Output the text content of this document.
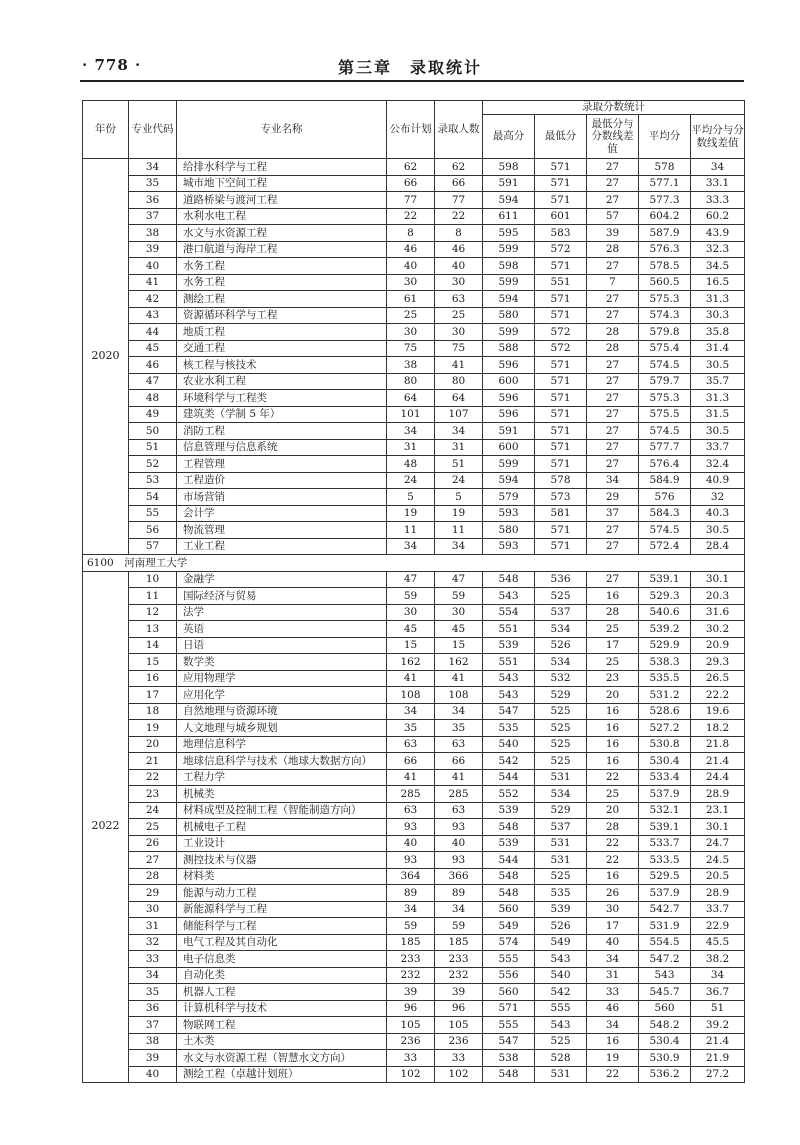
· 778 ·	第三章　录取统计
年份	专业代码	专业名称	公布计划	录取人数	录取分数统计				
					最高分	最低分	最低分与分数线差值	平均分	平均分与分数线差值
2020	34	给排水科学与工程	62	62	598	571	27	578	34
	35	城市地下空间工程	66	66	591	571	27	577.1	33.1
	36	道路桥梁与渡河工程	77	77	594	571	27	577.3	33.3
	37	水利水电工程	22	22	611	601	57	604.2	60.2
	38	水文与水资源工程	8	8	595	583	39	587.9	43.9
	39	港口航道与海岸工程	46	46	599	572	28	576.3	32.3
	40	水务工程	40	40	598	571	27	578.5	34.5
	41	水务工程	30	30	599	551	7	560.5	16.5
	42	测绘工程	61	63	594	571	27	575.3	31.3
	43	资源循环科学与工程	25	25	580	571	27	574.3	30.3
	44	地质工程	30	30	599	572	28	579.8	35.8
	45	交通工程	75	75	588	572	28	575.4	31.4
	46	核工程与核技术	38	41	596	571	27	574.5	30.5
	47	农业水利工程	80	80	600	571	27	579.7	35.7
	48	环境科学与工程类	64	64	596	571	27	575.3	31.3
	49	建筑类（学制 5 年）	101	107	596	571	27	575.5	31.5
	50	消防工程	34	34	591	571	27	574.5	30.5
	51	信息管理与信息系统	31	31	600	571	27	577.7	33.7
	52	工程管理	48	51	599	571	27	576.4	32.4
	53	工程造价	24	24	594	578	34	584.9	40.9
	54	市场营销	5	5	579	573	29	576	32
	55	会计学	19	19	593	581	37	584.3	40.3
	56	物流管理	11	11	580	571	27	574.5	30.5
	57	工业工程	34	34	593	571	27	572.4	28.4
6100　河南理工大学									
2022	10	金融学	47	47	548	536	27	539.1	30.1
	11	国际经济与贸易	59	59	543	525	16	529.3	20.3
	12	法学	30	30	554	537	28	540.6	31.6
	13	英语	45	45	551	534	25	539.2	30.2
	14	日语	15	15	539	526	17	529.9	20.9
	15	数学类	162	162	551	534	25	538.3	29.3
	16	应用物理学	41	41	543	532	23	535.5	26.5
	17	应用化学	108	108	543	529	20	531.2	22.2
	18	自然地理与资源环境	34	34	547	525	16	528.6	19.6
	19	人文地理与城乡规划	35	35	535	525	16	527.2	18.2
	20	地理信息科学	63	63	540	525	16	530.8	21.8
	21	地球信息科学与技术（地球大数据方向）	66	66	542	525	16	530.4	21.4
	22	工程力学	41	41	544	531	22	533.4	24.4
	23	机械类	285	285	552	534	25	537.9	28.9
	24	材料成型及控制工程（智能制造方向）	63	63	539	529	20	532.1	23.1
	25	机械电子工程	93	93	548	537	28	539.1	30.1
	26	工业设计	40	40	539	531	22	533.7	24.7
	27	测控技术与仪器	93	93	544	531	22	533.5	24.5
	28	材料类	364	366	548	525	16	529.5	20.5
	29	能源与动力工程	89	89	548	535	26	537.9	28.9
	30	新能源科学与工程	34	34	560	539	30	542.7	33.7
	31	储能科学与工程	59	59	549	526	17	531.9	22.9
	32	电气工程及其自动化	185	185	574	549	40	554.5	45.5
	33	电子信息类	233	233	555	543	34	547.2	38.2
	34	自动化类	232	232	556	540	31	543	34
	35	机器人工程	39	39	560	542	33	545.7	36.7
	36	计算机科学与技术	96	96	571	555	46	560	51
	37	物联网工程	105	105	555	543	34	548.2	39.2
	38	土木类	236	236	547	525	16	530.4	21.4
	39	水文与水资源工程（智慧水文方向）	33	33	538	528	19	530.9	21.9
	40	测绘工程（卓越计划班）	102	102	548	531	22	536.2	27.2
